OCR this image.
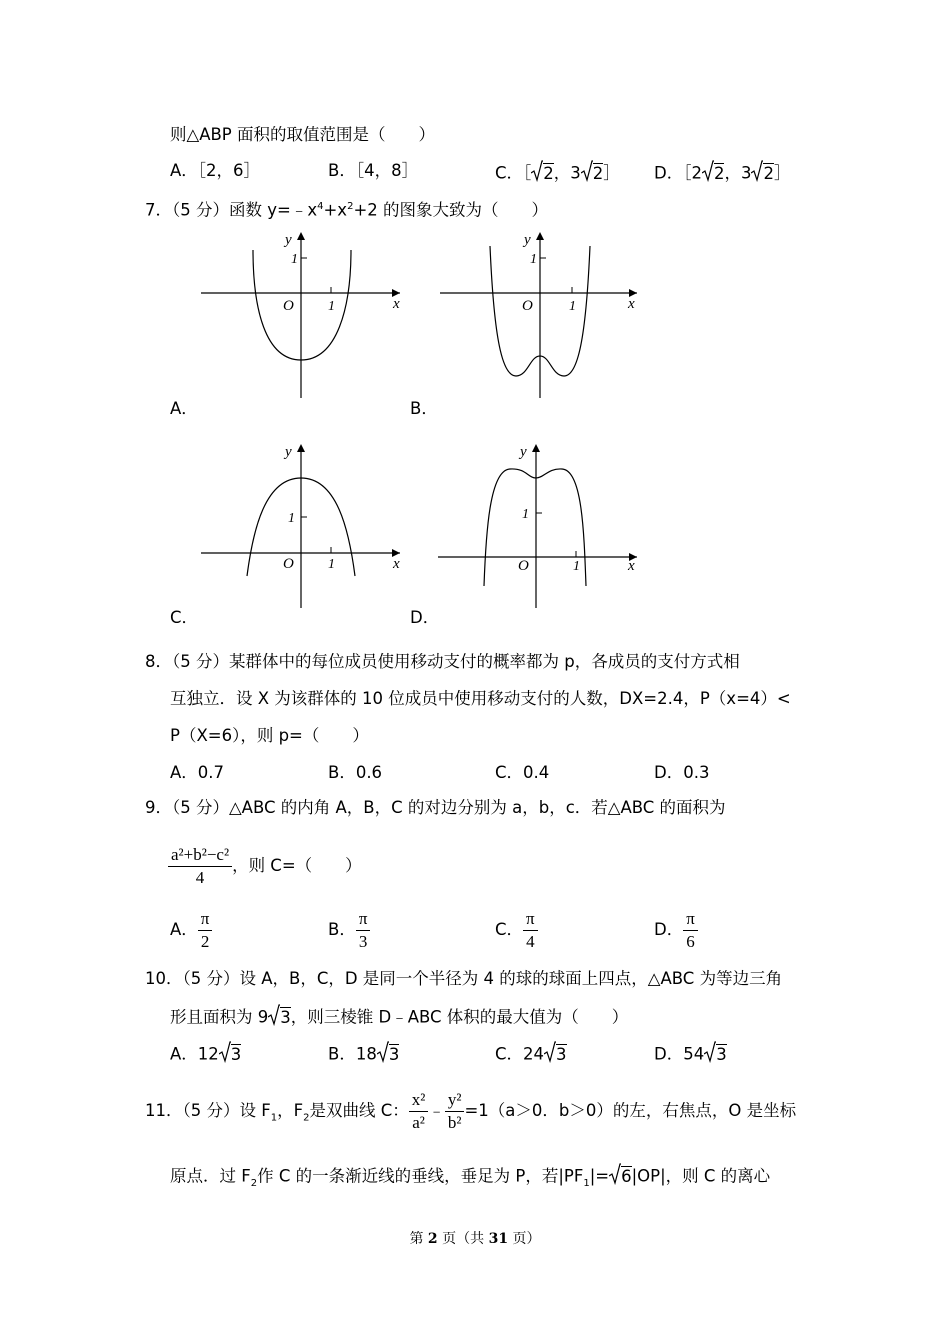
则△ABP 面积的取值范围是（　　）
A．［2，6］	B．［4，8］	C．［ 2，3 2］ D．［2 2，3 2］
7．（5 分）函数 $y=﹣x^4+x^2+2$ 的图象大致为（　　）
y
1
x
O 1
A．
y
1
x
O	1
B．
y
1
x
O 1
C．
y
1
x
O	1
D．
8．（5 分）某群体中的每位成员使用移动支付的概率都为 p，各成员的支付方式相
互独立．设 X 为该群体的 10 位成员中使用移动支付的人数，DX=2.4，P（x=4）<
P（X=6），则 p=（　　）
A．0.7	B．0.6	C．0.4	D．0.3
9．（5 分）△ABC 的内角 A，B，C 的对边分别为 a，b，c．若△ABC 的面积为
$\frac{\text{a²+b²−c²}}{4}$ ，则 C=（　　）
A． $\frac{\pi}{2}$	B． $\frac{\pi}{3}$	C． $\frac{\pi}{4}$	D． $\frac{\pi}{6}$
10．（5 分）设 A，B，C，D 是同一个半径为 4 的球的球面上四点，△ABC 为等边三角
形且面积为 9 3，则三棱锥 D﹣ABC 体积的最大值为（　　）
A．12 3	B．18 3	C．24 3	D．54 3
11．（5 分）设 $F_1$，$F_2$是双曲线 C： $\frac{\text{x²}}{\text{a²}}$ ﹣ $\frac{\text{y²}}{\text{b²}} =1(a>0$．b＞0）的左，右焦点，O 是坐标
原点．过 $F_2$作 C 的一条渐近线的垂线，垂足为 P，若$|PF_1|= 6|OP|$，则 C 的离心
第 2 页（共 31 页）
